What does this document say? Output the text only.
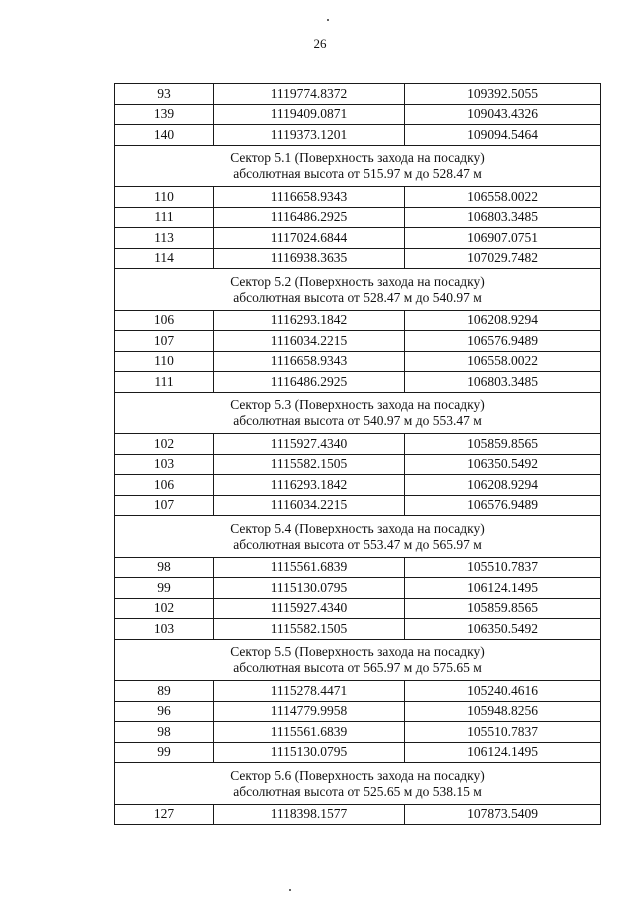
26
93	1119774.8372	109392.5055
139	1119409.0871	109043.4326
140	1119373.1201	109094.5464

Сектор 5.1 (Поверхность захода на посадку)
абсолютная высота от 515.97 м до 528.47 м		

110	1116658.9343	106558.0022
111	1116486.2925	106803.3485
113	1117024.6844	106907.0751
114	1116938.3635	107029.7482

Сектор 5.2 (Поверхность захода на посадку)
абсолютная высота от 528.47 м до 540.97 м		

106	1116293.1842	106208.9294
107	1116034.2215	106576.9489
110	1116658.9343	106558.0022
111	1116486.2925	106803.3485

Сектор 5.3 (Поверхность захода на посадку)
абсолютная высота от 540.97 м до 553.47 м		

102	1115927.4340	105859.8565
103	1115582.1505	106350.5492
106	1116293.1842	106208.9294
107	1116034.2215	106576.9489

Сектор 5.4 (Поверхность захода на посадку)
абсолютная высота от 553.47 м до 565.97 м		

98	1115561.6839	105510.7837
99	1115130.0795	106124.1495
102	1115927.4340	105859.8565
103	1115582.1505	106350.5492

Сектор 5.5 (Поверхность захода на посадку)
абсолютная высота от 565.97 м до 575.65 м		

89	1115278.4471	105240.4616
96	1114779.9958	105948.8256
98	1115561.6839	105510.7837
99	1115130.0795	106124.1495

Сектор 5.6 (Поверхность захода на посадку)
абсолютная высота от 525.65 м до 538.15 м		

127	1118398.1577	107873.5409
